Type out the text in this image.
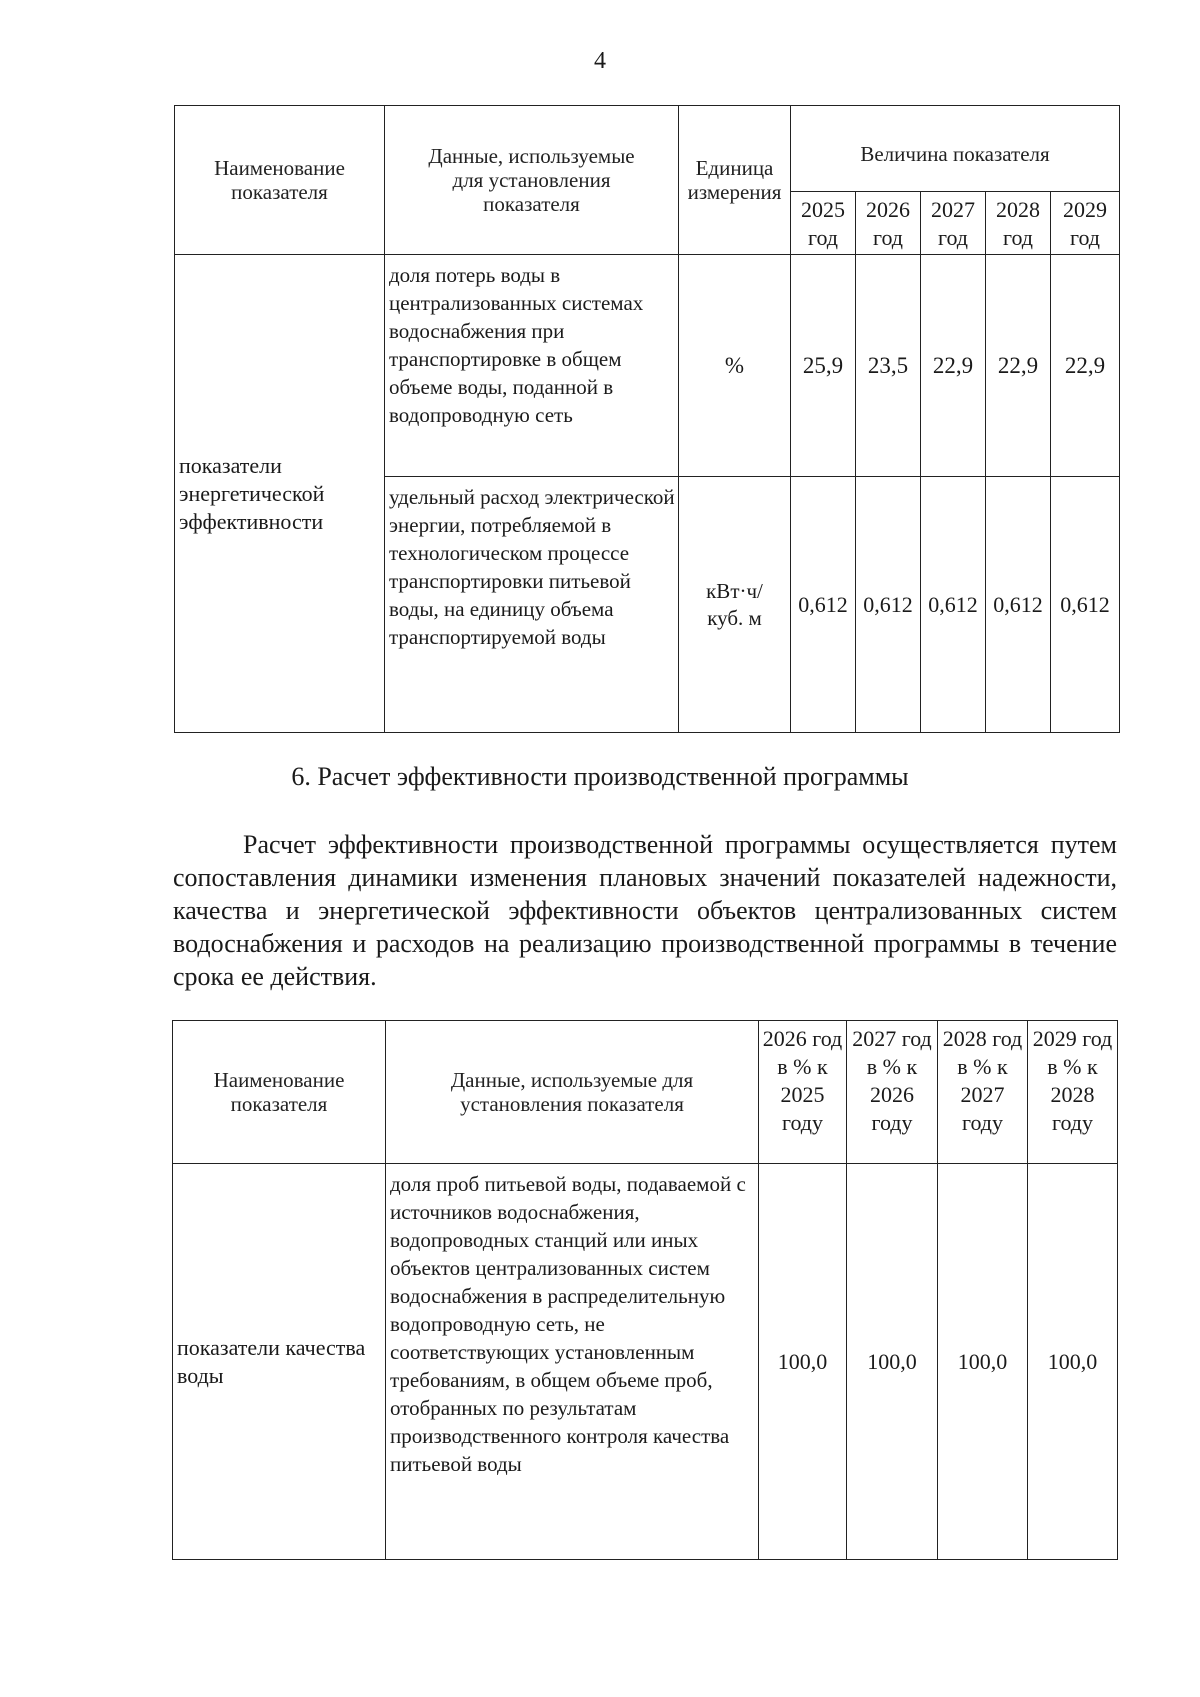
4
Наименование показателя	Данные, используемые для установления показателя	Единица измерения	Величина показателя				
			2025 год	2026 год	2027 год	2028 год	2029 год
показатели энергетической эффективности	доля потерь воды в централизованных системах водоснабжения при транспортировке в общем объеме воды, поданной в водопроводную сеть	%	25,9	23,5	22,9	22,9	22,9
	удельный расход электрической энергии, потребляемой в технологическом процессе транспортировки питьевой воды, на единицу объема транспортируемой воды	кВт·ч/ куб. м	0,612	0,612	0,612	0,612	0,612
6. Расчет эффективности производственной программы
Расчет эффективности производственной программы осуществляется путем сопоставления динамики изменения плановых значений показателей надежности, качества и энергетической эффективности объектов централизованных систем водоснабжения и расходов на реализацию производственной программы в течение срока ее действия.
Наименование показателя	Данные, используемые для установления показателя	2026 год в % к 2025 году	2027 год в % к 2026 году	2028 год в % к 2027 году	2029 год в % к 2028 году
показатели качества воды	доля проб питьевой воды, подаваемой с источников водоснабжения, водопроводных станций или иных объектов централизованных систем водоснабжения в распределительную водопроводную сеть, не соответствующих установленным требованиям, в общем объеме проб, отобранных по результатам производственного контроля качества питьевой воды	100,0	100,0	100,0	100,0
